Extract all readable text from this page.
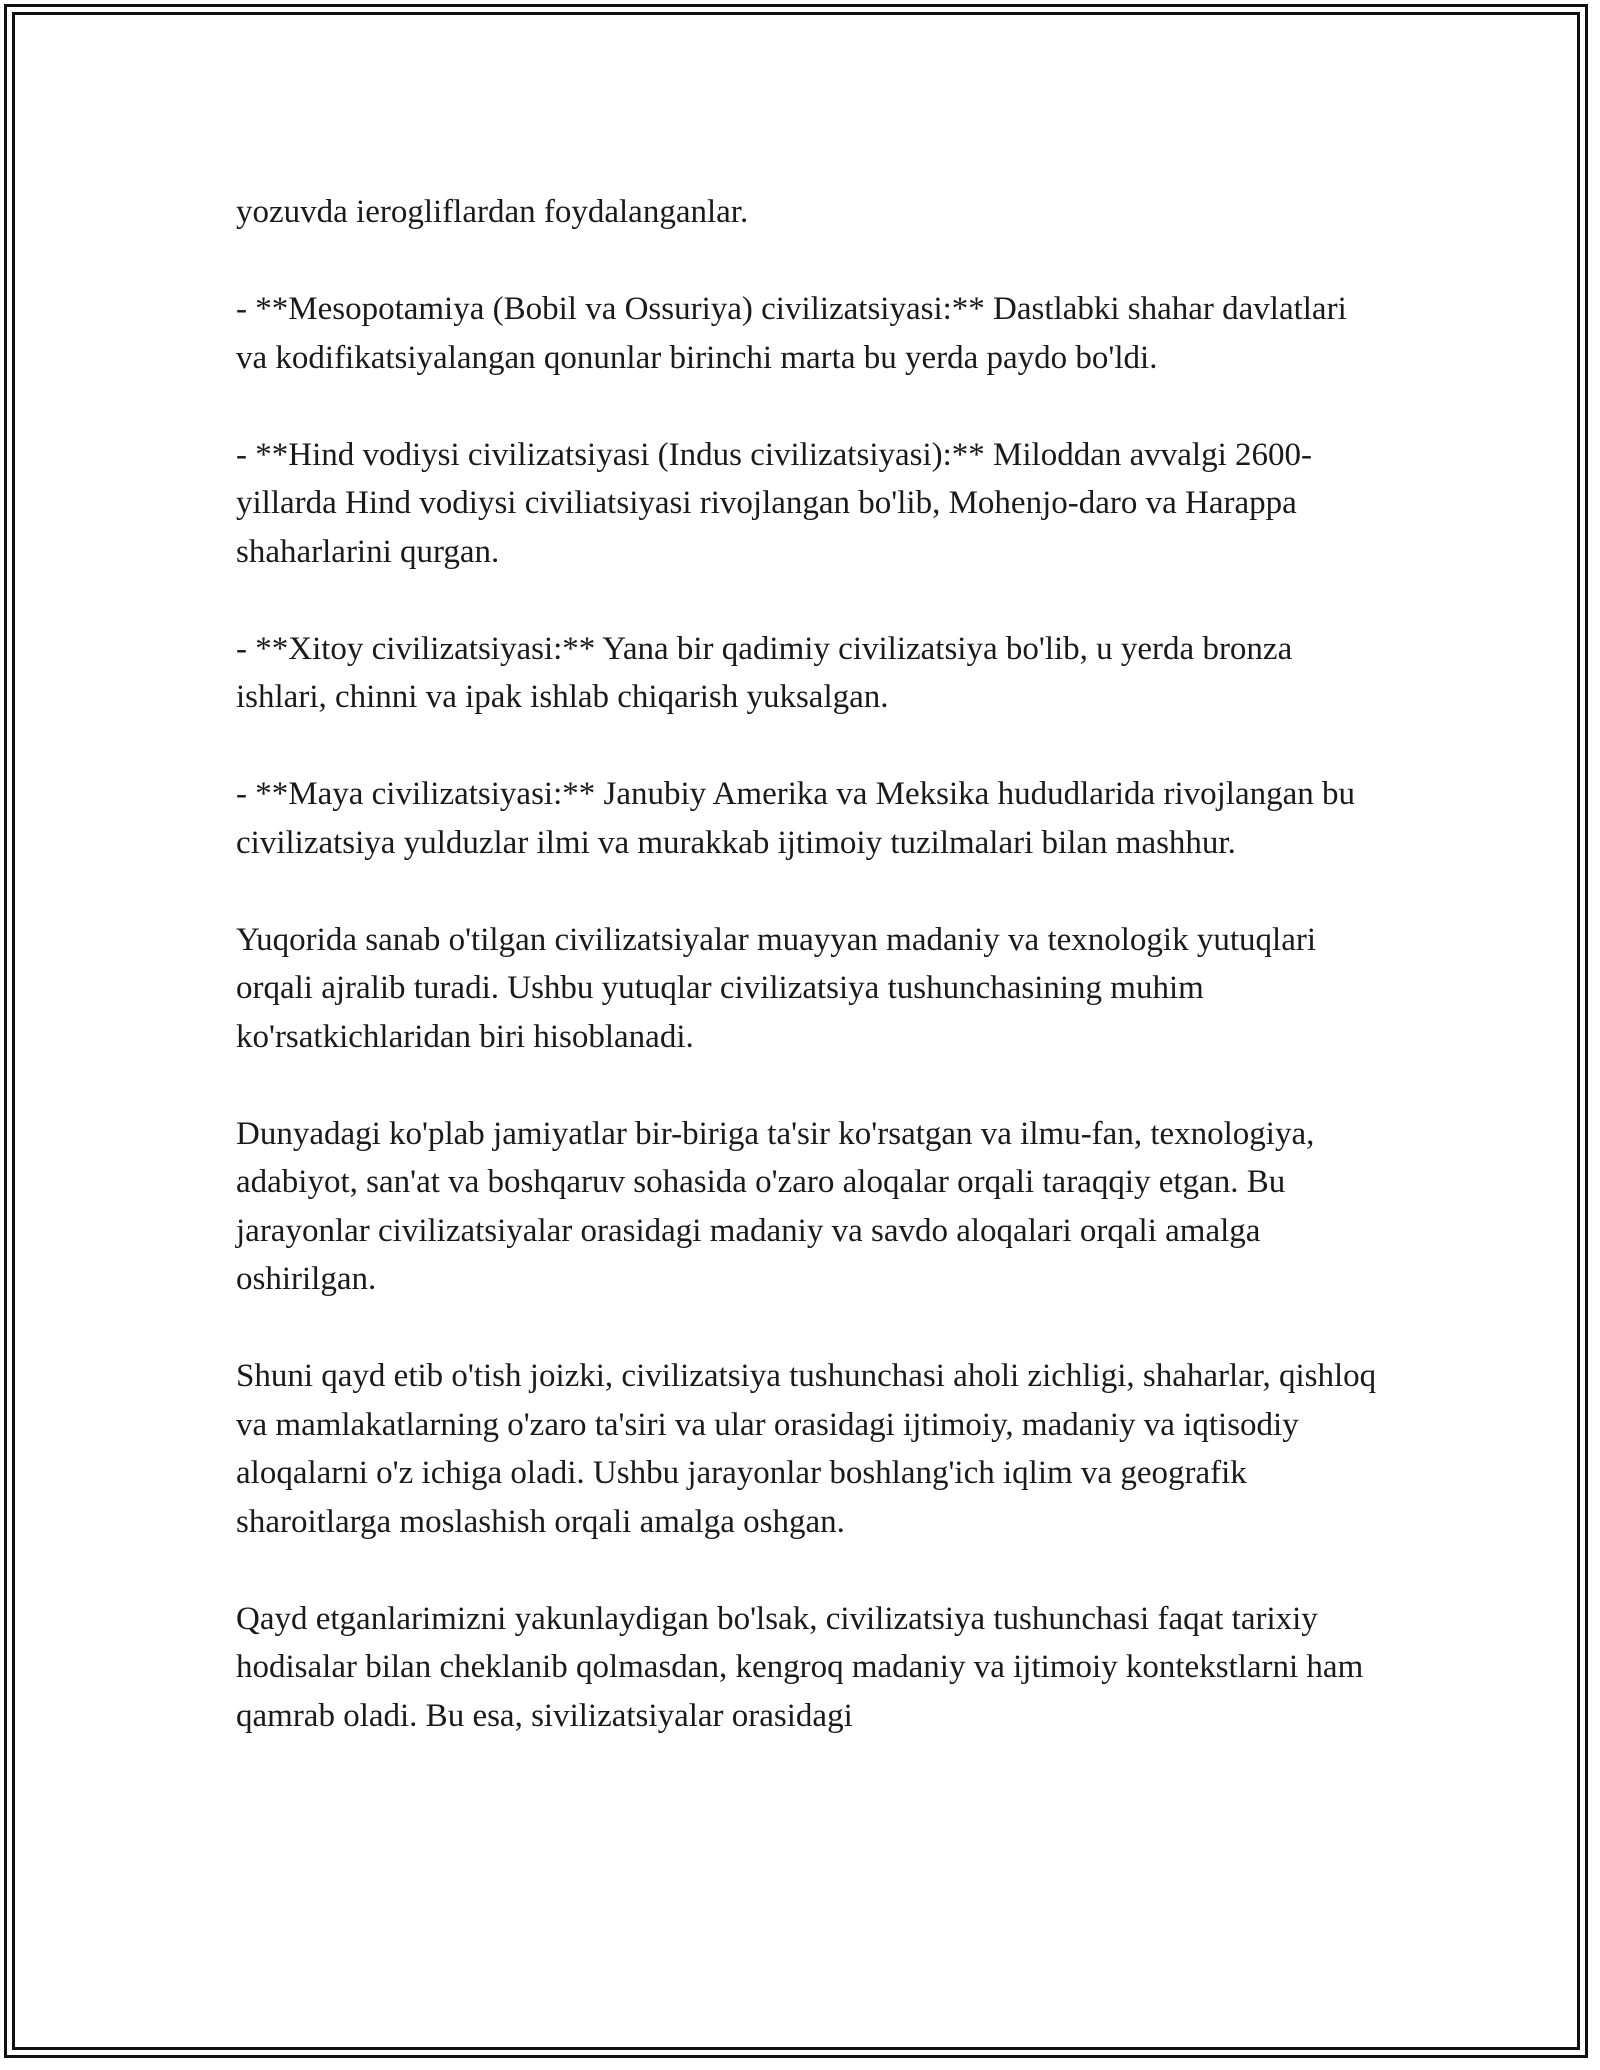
yozuvda ierogliflardan foydalanganlar.

- **Mesopotamiya (Bobil va Ossuriya) civilizatsiyasi:** Dastlabki shahar davlatlari va kodifikatsiyalangan qonunlar birinchi marta bu yerda paydo bo'ldi.

- **Hind vodiysi civilizatsiyasi (Indus civilizatsiyasi):** Miloddan avvalgi 2600-yillarda Hind vodiysi civiliatsiyasi rivojlangan bo'lib, Mohenjo-daro va Harappa shaharlarini qurgan.

- **Xitoy civilizatsiyasi:** Yana bir qadimiy civilizatsiya bo'lib, u yerda bronza ishlari, chinni va ipak ishlab chiqarish yuksalgan.

- **Maya civilizatsiyasi:** Janubiy Amerika va Meksika hududlarida rivojlangan bu civilizatsiya yulduzlar ilmi va murakkab ijtimoiy tuzilmalari bilan mashhur.

Yuqorida sanab o'tilgan civilizatsiyalar muayyan madaniy va texnologik yutuqlari orqali ajralib turadi. Ushbu yutuqlar civilizatsiya tushunchasining muhim ko'rsatkichlaridan biri hisoblanadi.

Dunyadagi ko'plab jamiyatlar bir-biriga ta'sir ko'rsatgan va ilmu-fan, texnologiya, adabiyot, san'at va boshqaruv sohasida o'zaro aloqalar orqali taraqqiy etgan. Bu jarayonlar civilizatsiyalar orasidagi madaniy va savdo aloqalari orqali amalga oshirilgan.

Shuni qayd etib o'tish joizki, civilizatsiya tushunchasi aholi zichligi, shaharlar, qishloq va mamlakatlarning o'zaro ta'siri va ular orasidagi ijtimoiy, madaniy va iqtisodiy aloqalarni o'z ichiga oladi. Ushbu jarayonlar boshlang'ich iqlim va geografik sharoitlarga moslashish orqali amalga oshgan.

Qayd etganlarimizni yakunlaydigan bo'lsak, civilizatsiya tushunchasi faqat tarixiy hodisalar bilan cheklanib qolmasdan, kengroq madaniy va ijtimoiy kontekstlarni ham qamrab oladi. Bu esa, sivilizatsiyalar orasidagi
